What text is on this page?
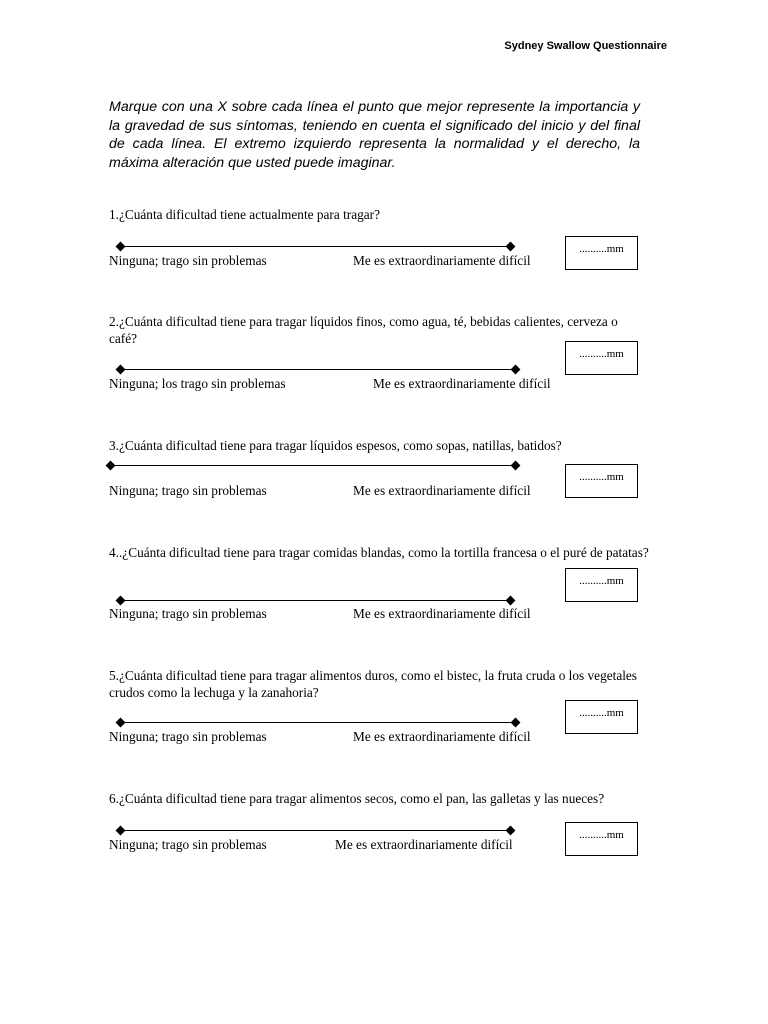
Sydney Swallow Questionnaire
Marque con una X sobre cada línea el punto que mejor represente la importancia y la gravedad de sus síntomas, teniendo en cuenta el significado del inicio y del final de cada línea. El extremo izquierdo representa la normalidad y el derecho, la máxima alteración que usted puede imaginar.
1.¿Cuánta dificultad tiene actualmente para tragar?
Ninguna; trago sin problemas	Me es extraordinariamente difícil
..........mm
2.¿Cuánta dificultad tiene para tragar líquidos finos, como agua, té, bebidas calientes, cerveza o café?
Ninguna; los trago sin problemas	Me es extraordinariamente difícil
..........mm
3.¿Cuánta dificultad tiene para tragar líquidos espesos, como sopas, natillas, batidos?
Ninguna; trago sin problemas	Me es extraordinariamente difícil
..........mm
4..¿Cuánta dificultad tiene para tragar comidas blandas, como la tortilla francesa o el puré de patatas?
Ninguna; trago sin problemas	Me es extraordinariamente difícil
..........mm
5.¿Cuánta dificultad tiene para tragar alimentos duros, como el bistec, la fruta cruda o los vegetales crudos como la lechuga y la zanahoria?
Ninguna; trago sin problemas	Me es extraordinariamente difícil
..........mm
6.¿Cuánta dificultad tiene para tragar alimentos secos, como el pan, las galletas y las nueces?
Ninguna; trago sin problemas	Me es extraordinariamente difícil
..........mm
